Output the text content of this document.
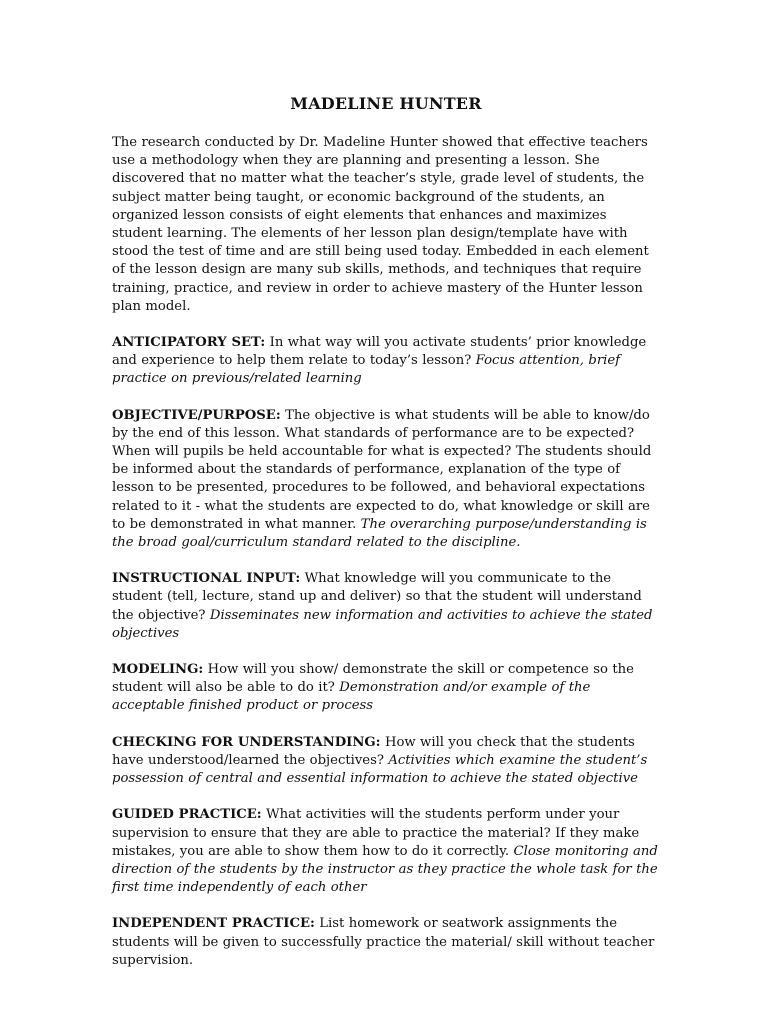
MADELINE HUNTER

The research conducted by Dr. Madeline Hunter showed that effective teachers use a methodology when they are planning and presenting a lesson. She discovered that no matter what the teacher’s style, grade level of students, the subject matter being taught, or economic background of the students, an organized lesson consists of eight elements that enhances and maximizes student learning. The elements of her lesson plan design/template have with stood the test of time and are still being used today. Embedded in each element of the lesson design are many sub skills, methods, and techniques that require training, practice, and review in order to achieve mastery of the Hunter lesson plan model.

ANTICIPATORY SET: In what way will you activate students’ prior knowledge and experience to help them relate to today’s lesson? Focus attention, brief practice on previous/related learning

OBJECTIVE/PURPOSE: The objective is what students will be able to know/do by the end of this lesson. What standards of performance are to be expected? When will pupils be held accountable for what is expected? The students should be informed about the standards of performance, explanation of the type of lesson to be presented, procedures to be followed, and behavioral expectations related to it - what the students are expected to do, what knowledge or skill are to be demonstrated in what manner. The overarching purpose/understanding is the broad goal/curriculum standard related to the discipline.

INSTRUCTIONAL INPUT: What knowledge will you communicate to the student (tell, lecture, stand up and deliver) so that the student will understand the objective? Disseminates new information and activities to achieve the stated objectives

MODELING: How will you show/ demonstrate the skill or competence so the student will also be able to do it? Demonstration and/or example of the acceptable finished product or process

CHECKING FOR UNDERSTANDING: How will you check that the students have understood/learned the objectives? Activities which examine the student’s possession of central and essential information to achieve the stated objective

GUIDED PRACTICE: What activities will the students perform under your supervision to ensure that they are able to practice the material? If they make mistakes, you are able to show them how to do it correctly. Close monitoring and direction of the students by the instructor as they practice the whole task for the first time independently of each other

INDEPENDENT PRACTICE: List homework or seatwork assignments the students will be given to successfully practice the material/ skill without teacher supervision.
